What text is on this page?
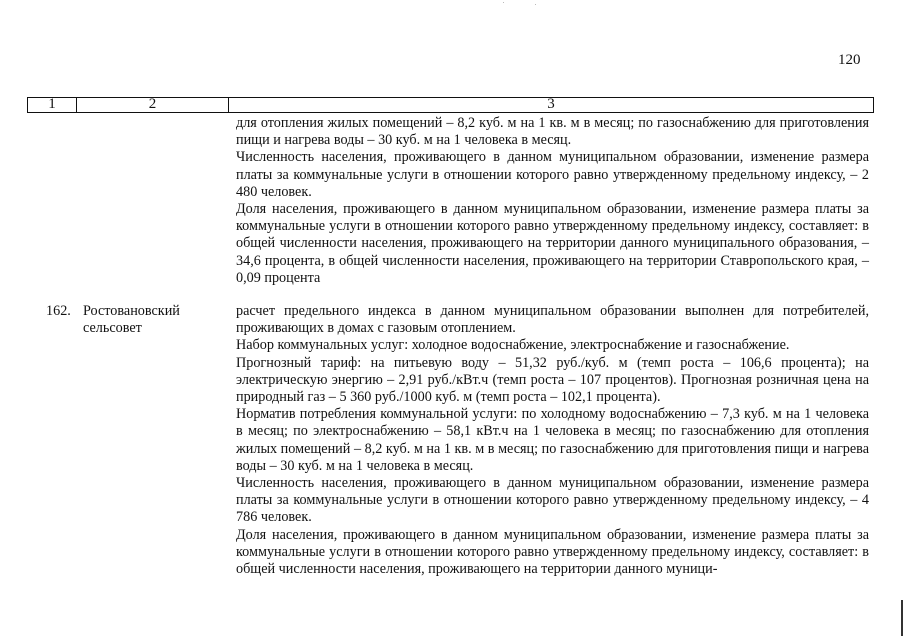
120
1	2	3

для отопления жилых помещений – 8,2 куб. м на 1 кв. м в месяц; по газоснабжению для приготовления пищи и нагрева воды – 30 куб. м на 1 человека в месяц.

Численность населения, проживающего в данном муниципальном образовании, изменение размера платы за коммунальные услуги в отношении которого равно утвержденному предельному индексу, – 2 480 человек.

Доля населения, проживающего в данном муниципальном образовании, изменение размера платы за коммунальные услуги в отношении которого равно утвержденному предельному индексу, составляет: в общей численности населения, проживающего на территории данного муниципального образования, – 34,6 процента, в общей численности населения, проживающего на территории Ставропольского края, – 0,09 процента

162. Ростовановский
сельсовет

расчет предельного индекса в данном муниципальном образовании выполнен для потребителей, проживающих в домах с газовым отоплением.

Набор коммунальных услуг: холодное водоснабжение, электроснабжение и газоснабжение.

Прогнозный тариф: на питьевую воду – 51,32 руб./куб. м (темп роста – 106,6 процента); на электрическую энергию – 2,91 руб./кВт.ч (темп роста – 107 процентов). Прогнозная розничная цена на природный газ – 5 360 руб./1000 куб. м (темп роста – 102,1 процента).

Норматив потребления коммунальной услуги: по холодному водоснабжению – 7,3 куб. м на 1 человека в месяц; по электроснабжению – 58,1 кВт.ч на 1 человека в месяц; по газоснабжению для отопления жилых помещений – 8,2 куб. м на 1 кв. м в месяц; по газоснабжению для приготовления пищи и нагрева воды – 30 куб. м на 1 человека в месяц.

Численность населения, проживающего в данном муниципальном образовании, изменение размера платы за коммунальные услуги в отношении которого равно утвержденному предельному индексу, – 4 786 человек.

Доля населения, проживающего в данном муниципальном образовании, изменение размера платы за коммунальные услуги в отношении которого равно утвержденному предельному индексу, составляет: в общей численности населения, проживающего на территории данного муници-
